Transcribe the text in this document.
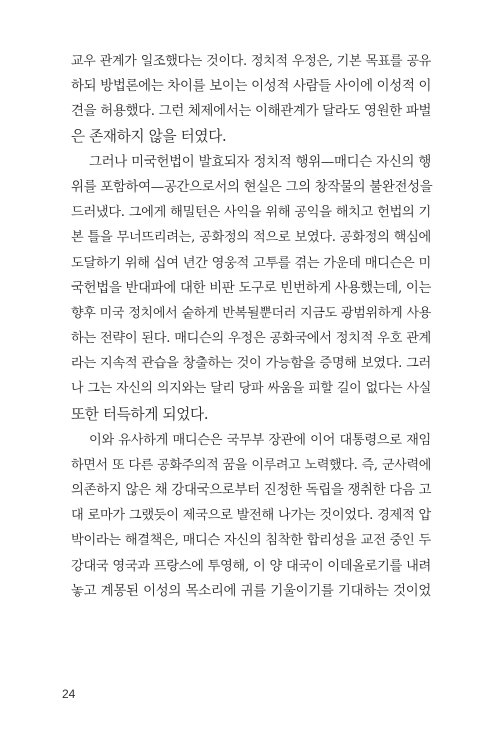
교우 관계가 일조했다는 것이다. 정치적 우정은, 기본 목표를 공유
하되 방법론에는 차이를 보이는 이성적 사람들 사이에 이성적 이
견을 허용했다. 그런 체제에서는 이해관계가 달라도 영원한 파벌
은 존재하지 않을 터였다.
그러나 미국헌법이 발효되자 정치적 행위—매디슨 자신의 행
위를 포함하여—공간으로서의 현실은 그의 창작물의 불완전성을
드러냈다. 그에게 해밀턴은 사익을 위해 공익을 해치고 헌법의 기
본 틀을 무너뜨리려는, 공화정의 적으로 보였다. 공화정의 핵심에
도달하기 위해 십여 년간 영웅적 고투를 겪는 가운데 매디슨은 미
국헌법을 반대파에 대한 비판 도구로 빈번하게 사용했는데, 이는
향후 미국 정치에서 숱하게 반복될뿐더러 지금도 광범위하게 사용
하는 전략이 된다. 매디슨의 우정은 공화국에서 정치적 우호 관계
라는 지속적 관습을 창출하는 것이 가능함을 증명해 보였다. 그러
나 그는 자신의 의지와는 달리 당파 싸움을 피할 길이 없다는 사실
또한 터득하게 되었다.
이와 유사하게 매디슨은 국무부 장관에 이어 대통령으로 재임
하면서 또 다른 공화주의적 꿈을 이루려고 노력했다. 즉, 군사력에
의존하지 않은 채 강대국으로부터 진정한 독립을 쟁취한 다음 고
대 로마가 그랬듯이 제국으로 발전해 나가는 것이었다. 경제적 압
박이라는 해결책은, 매디슨 자신의 침착한 합리성을 교전 중인 두
강대국 영국과 프랑스에 투영해, 이 양 대국이 이데올로기를 내려
놓고 계몽된 이성의 목소리에 귀를 기울이기를 기대하는 것이었
24
